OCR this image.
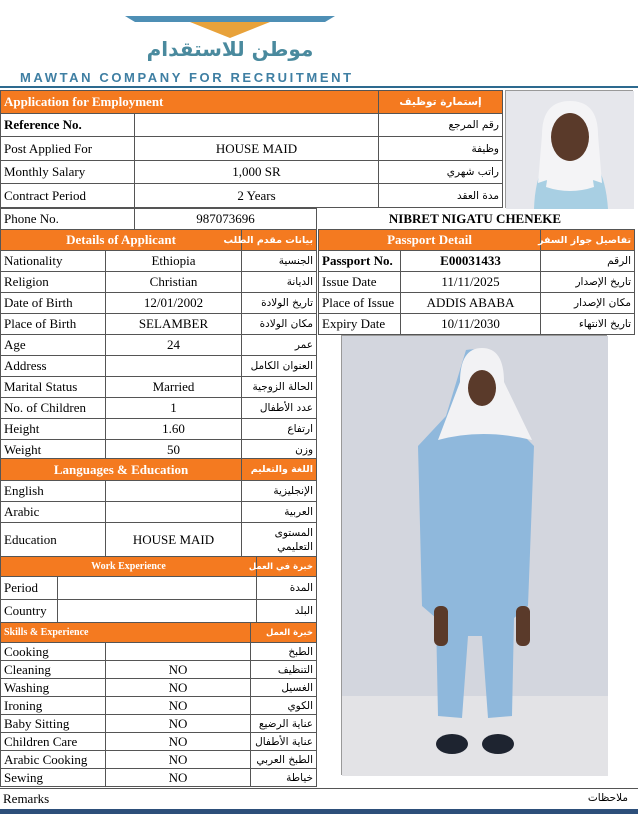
موطن للاستقدام
MAWTAN COMPANY FOR RECRUITMENT
Application for Employment		إستمارة توظيف
Reference No.		رقم المرجع
Post Applied For	HOUSE MAID	وظيفة
Monthly Salary	1,000 SR	راتب شهري
Contract Period	2 Years	مدة العقد
Phone No.	987073696	NIBRET NIGATU CHENEKE
Details of Applicant		بيانات مقدم الطلب
Nationality	Ethiopia	الجنسية
Religion	Christian	الديانة
Date of Birth	12/01/2002	تاريخ الولادة
Place of Birth	SELAMBER	مكان الولادة
Age	24	عمر
Address		العنوان الكامل
Marital Status	Married	الحالة الزوجية
No. of Children	1	عدد الأطفال
Height	1.60	ارتفاع
Weight	50	وزن
Passport Detail		تفاصيل جواز السفر
Passport No.	E00031433	الرقم
Issue Date	11/11/2025	تاريخ الإصدار
Place of Issue	ADDIS ABABA	مكان الإصدار
Expiry Date	10/11/2030	تاريخ الانتهاء
Languages & Education		اللغة والتعليم
English		الإنجليزية
Arabic		العربية
Education	HOUSE MAID	المستوى التعليمي
Work Experience		خبرة في العمل
Period		المدة
Country		البلد
Skills & Experience		خبرة العمل
Cooking		الطبخ
Cleaning	NO	التنظيف
Washing	NO	الغسيل
Ironing	NO	الكوي
Baby Sitting	NO	عناية الرضيع
Children Care	NO	عناية الأطفال
Arabic Cooking	NO	الطبخ العربي
Sewing	NO	خياطة
Remarks	ملاحظات
